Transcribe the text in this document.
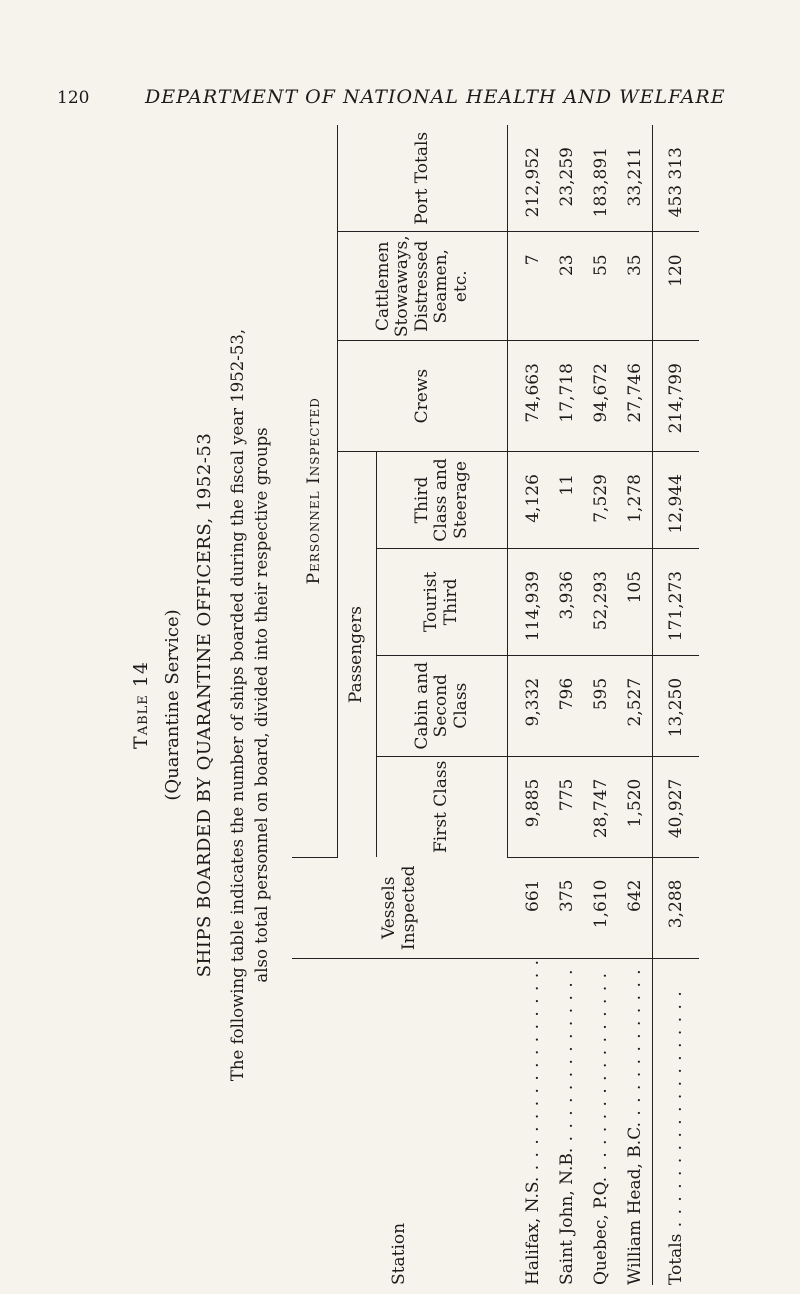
120	DEPARTMENT OF NATIONAL HEALTH AND WELFARE
Table 14 (Quarantine Service) SHIPS BOARDED BY QUARANTINE OFFICERS, 1952-53 The following table indicates the number of ships boarded during the fiscal year 1952-53, also total personnel on board, divided into their respective groups
Station	Vessels Inspected	Personnel Inspected						
		Passengers				Crews	Cattlemen Stowaways, Distressed Seamen, etc.	Port Totals
		First Class	Cabin and Second Class	Tourist Third	Third Class and Steerage			
Halifax, N.S. . . . . . . . . . . . . . . . . .	661	9,885	9,332	114,939	4,126	74,663	7	212,952
Saint John, N.B. . . . . . . . . . . . . . .	375	775	796	3,936	11	17,718	23	23,259
Quebec, P.Q. . . . . . . . . . . . . . . . .	1,610	28,747	595	52,293	7,529	94,672	55	183,891
William Head, B.C. . . . . . . . . . . . .	642	1,520	2,527	105	1,278	27,746	35	33,211
Totals . . . . . . . . . . . . . . . . . . .	3,288	40,927	13,250	171,273	12,944	214,799	120	453 313
